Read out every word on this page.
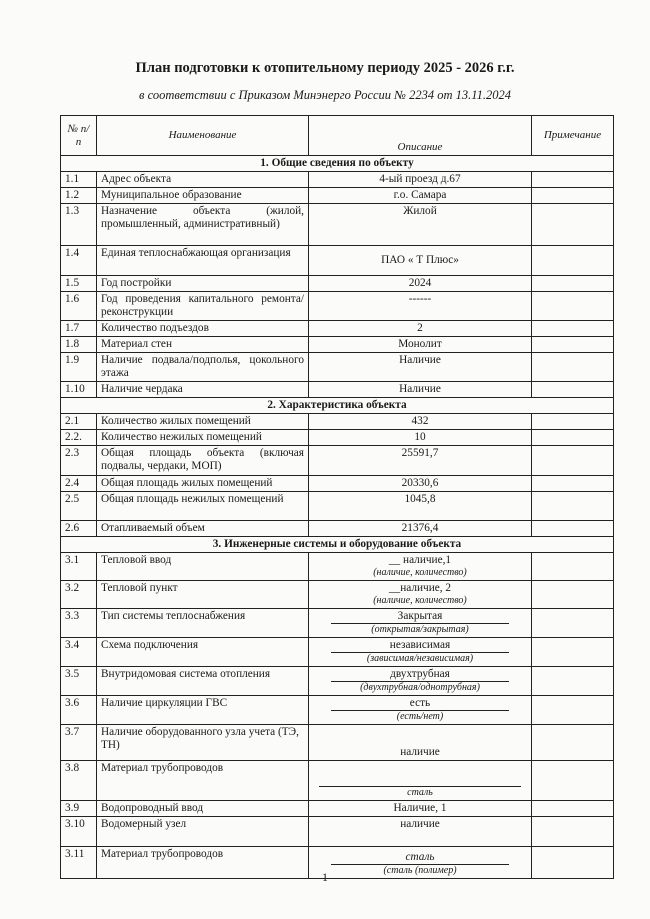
План подготовки к отопительному периоду 2025 - 2026 г.г.
в соответствии с Приказом Минэнерго России № 2234 от 13.11.2024
№ п/п	Наименование	Описание	Примечание
1. Общие сведения по объекту			
1.1	Адрес объекта	4-ый проезд д.67	
1.2	Муниципальное образование	г.о. Самара	
1.3	Назначение объекта (жилой, промышленный, административный)	Жилой	
1.4	Единая теплоснабжающая организация	ПАО « Т Плюс»	
1.5	Год постройки	2024	
1.6	Год проведения капитального ремонта/реконструкции	------	
1.7	Количество подъездов	2	
1.8	Материал стен	Монолит	
1.9	Наличие подвала/подполья, цокольного этажа	Наличие	
1.10	Наличие чердака	Наличие	
2. Характеристика объекта			
2.1	Количество жилых помещений	432	
2.2.	Количество нежилых помещений	10	
2.3	Общая площадь объекта (включая подвалы, чердаки, МОП)	25591,7	
2.4	Общая площадь жилых помещений	20330,6	
2.5	Общая площадь нежилых помещений	1045,8	
2.6	Отапливаемый объем	21376,4	
3. Инженерные системы и оборудование объекта			
3.1	Тепловой ввод	__ наличие,1
(наличие, количество)	

3.2	Тепловой пункт	__наличие, 2
(наличие, количество)	

3.3	Тип системы теплоснабжения	Закрытая
(открытая/закрытая)	

3.4	Схема подключения	независимая
(зависимая/независимая)	

3.5	Внутридомовая система отопления	двухтрубная
(двухтрубная/однотрубная)	

3.6	Наличие циркуляции ГВС	есть
(есть/нет)	

3.7	Наличие оборудованного узла учета (ТЭ, ТН)	наличие	
3.8	Материал трубопроводов	сталь	

3.9	Водопроводный ввод	Наличие, 1	
3.10	Водомерный узел	наличие	
3.11	Материал трубопроводов	сталь
(сталь (полимер)	

1
